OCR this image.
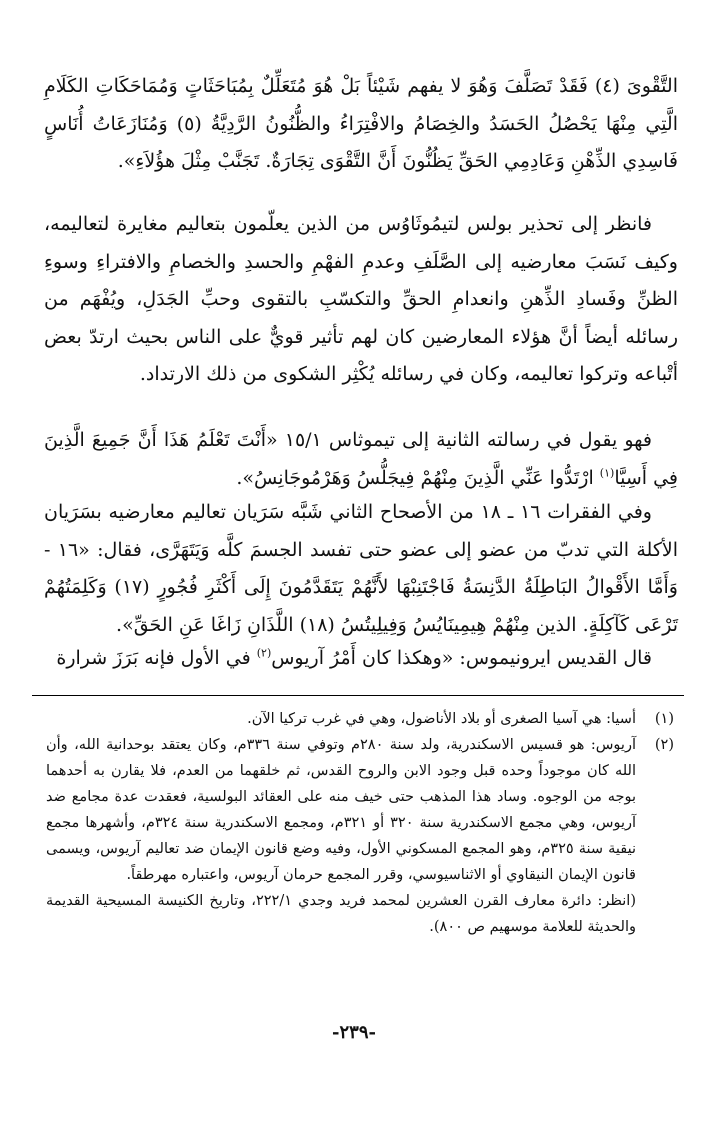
التَّقْوىَ (٤) فَقَدْ تَصَلَّفَ وَهُوَ لا يفهم شَيْئاً بَلْ هُوَ مُتَعَلِّلٌ بِمُبَاحَثَاتٍ وَمُمَاحَكَاتِ الكَلَامِ الَّتِي مِنْهَا يَحْصُلُ الحَسَدُ والخِصَامُ والافْتِرَاءُ والظُّنُونُ الرَّدِيَّةُ (٥) وَمُنَازَعَاتُ أُنَاسٍ فَاسِدِي الذِّهْنِ وَعَادِمِي الحَقِّ يَظُنُّونَ أَنَّ التَّقْوَى تِجَارَةٌ. تَجَنَّبْ مِثْلَ هؤُلاَءِ».

فانظر إلى تحذير بولس لتيمُوثَاوُس من الذين يعلّمون بتعاليم مغايرة لتعاليمه، وكيف نَسَبَ معارضيه إلى الصَّلَفِ وعدمِ الفهْمِ والحسدِ والخصامِ والافتراءِ وسوءِ الظنِّ وفَسادِ الذِّهنِ وانعدامِ الحقِّ والتكسّبِ بالتقوى وحبِّ الجَدَلِ، ويُفْهَم من رسائله أيضاً أنَّ هؤلاء المعارضين كان لهم تأثير قويٌّ على الناس بحيث ارتدّ بعض أتْباعه وتركوا تعاليمه، وكان في رسائله يُكْثِر الشكوى من ذلك الارتداد.

فهو يقول في رسالته الثانية إلى تيموثاس ١٥/١ «أَنْتَ تَعْلَمُ هَذَا أَنَّ جَمِيعَ الَّذِينَ فِي أَسِيَّا$^{(١)}$ ارْتَدُّوا عَنِّي الَّذِينَ مِنْهُمْ فِيجَلُّسُ وَهَرْمُوجَانِسُ».

وفي الفقرات ١٦ ـ ١٨ من الأصحاح الثاني شَبَّه سَرَيان تعاليم معارضيه بسَرَيان الأكلة التي تدبّ من عضو إلى عضو حتى تفسد الجسمَ كلَّه وَيَتَهَرَّى، فقال: «١٦ - وَأَمَّا الأَقْوالُ البَاطِلَةُ الدَّنِسَةُ فَاجْتَنِبْهَا لأَنَّهُمْ يَتَقَدَّمُونَ إِلَى أَكْثَرِ فُجُورٍ (١٧) وَكَلِمَتُهُمْ تَرْعَى كَآكِلَةٍ. الذين مِنْهُمْ هِيمِينَايُسُ وَفِيلِيتُسُ (١٨) اللَّذَانِ زَاغَا عَنِ الحَقِّ».

قال القديس ايرونيموس: «وهكذا كان أَمْرُ آريوس$^{(٢)}$ في الأول فإنه بَرَزَ شرارة

(١)
أسيا: هي آسيا الصغرى أو بلاد الأناضول، وهي في غرب تركيا الآن.
(٢)
آريوس: هو قسيس الاسكندرية، ولد سنة ٢٨٠م وتوفي سنة ٣٣٦م، وكان يعتقد بوحدانية الله، وأن الله كان موجوداً وحده قبل وجود الابن والروح القدس، ثم خلقهما من العدم، فلا يقارن به أحدهما بوجه من الوجوه. وساد هذا المذهب حتى خيف منه على العقائد البولسية، فعقدت عدة مجامع ضد آريوس، وهي مجمع الاسكندرية سنة ٣٢٠ أو ٣٢١م، ومجمع الاسكندرية سنة ٣٢٤م، وأشهرها مجمع نيقية سنة ٣٢٥م، وهو المجمع المسكوني الأول، وفيه وضع قانون الإيمان ضد تعاليم آريوس، ويسمى قانون الإيمان النيقاوي أو الاثناسيوسي، وقرر المجمع حرمان آريوس، واعتباره مهرطقاً.
(انظر: دائرة معارف القرن العشرين لمحمد فريد وجدي ٢٢٢/١، وتاريخ الكنيسة المسيحية القديمة والحديثة للعلامة موسهيم ص ٨٠٠).
-٢٣٩-
